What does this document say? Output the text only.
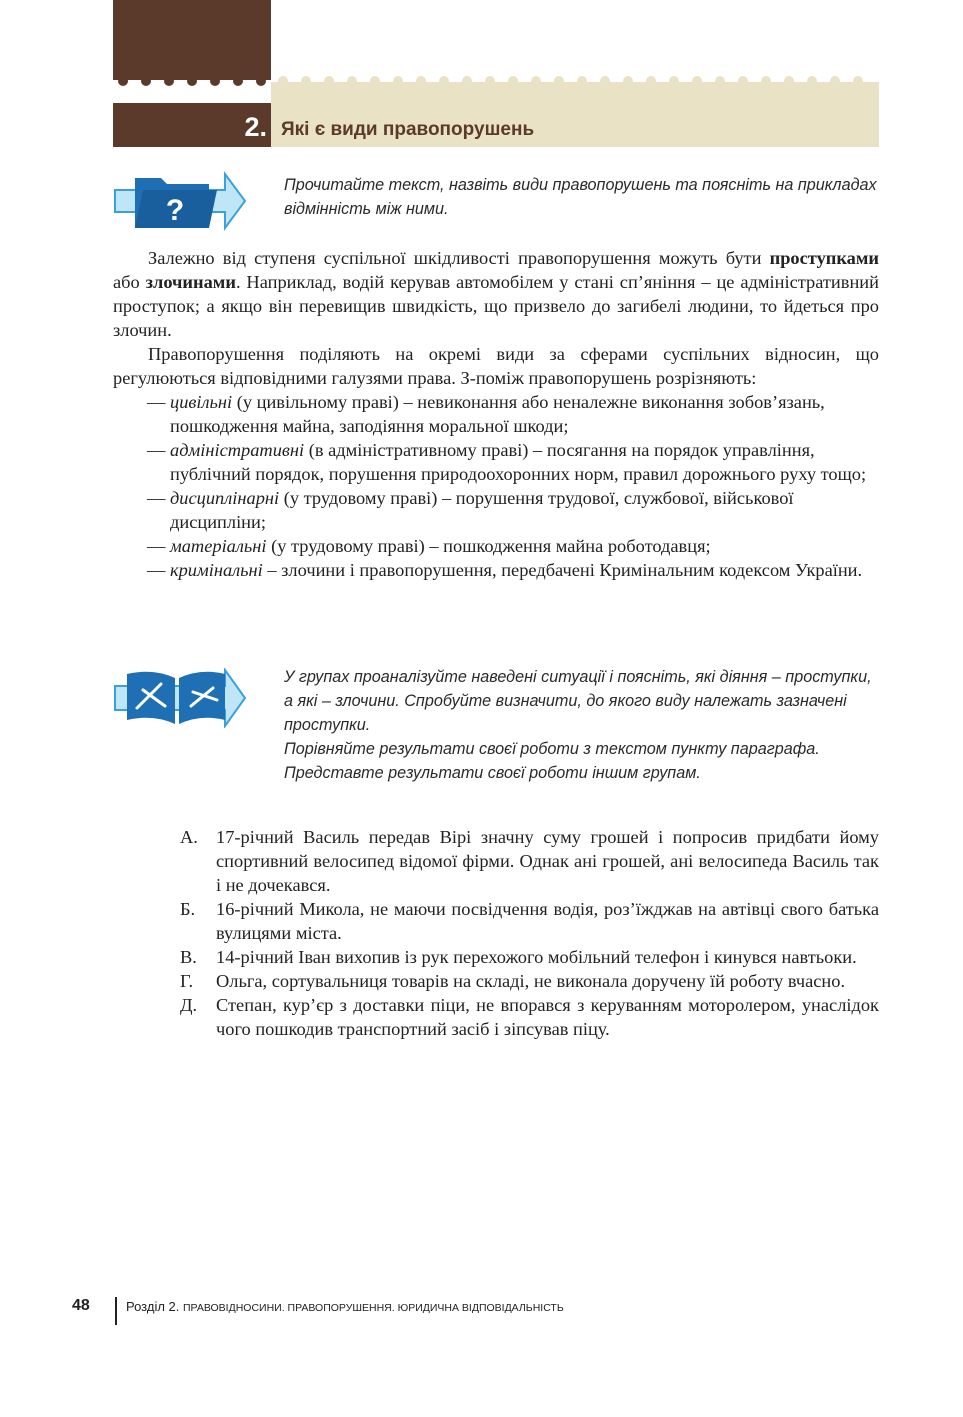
2. Які є види правопорушень
?
Прочитайте текст, назвіть види правопорушень та поясніть на прикладах відмінність між ними.

Залежно від ступеня суспільної шкідливості правопорушення можуть бути проступками або злочинами. Наприклад, водій керував автомобілем у стані сп’яніння – це адміністративний проступок; а якщо він перевищив швидкість, що призвело до загибелі людини, то йдеться про злочин.

Правопорушення поділяють на окремі види за сферами суспільних відносин, що регулюються відповідними галузями права. З-поміж правопорушень розрізняють:

— цивільні (у цивільному праві) – невиконання або неналежне виконання зобов’язань, пошкодження майна, заподіяння моральної шкоди;
— адміністративні (в адміністративному праві) – посягання на порядок управління, публічний порядок, порушення природоохоронних норм, правил дорожнього руху тощо;
— дисциплінарні (у трудовому праві) – порушення трудової, службової, військової дисципліни;
— матеріальні (у трудовому праві) – пошкодження майна роботодавця;
— кримінальні – злочини і правопорушення, передбачені Кримінальним кодексом України.
У групах проаналізуйте наведені ситуації і поясніть, які діяння – проступки, а які – злочини. Спробуйте визначити, до якого виду належать зазначені проступки.
Порівняйте результати своєї роботи з текстом пункту параграфа.
Представте результати своєї роботи іншим групам.
А. 17-річний Василь передав Вірі значну суму грошей і попросив придбати йому спортивний велосипед відомої фірми. Однак ані грошей, ані велосипеда Василь так і не дочекався.
Б. 16-річний Микола, не маючи посвідчення водія, роз’їжджав на автівці свого батька вулицями міста.
В. 14-річний Іван вихопив із рук перехожого мобільний телефон і кинувся навтьоки.
Г. Ольга, сортувальниця товарів на складі, не виконала доручену їй роботу вчасно.
Д. Степан, кур’єр з доставки піци, не впорався з керуванням моторолером, унаслідок чого пошкодив транспортний засіб і зіпсував піцу.
48	Розділ 2. ПРАВОВІДНОСИНИ. ПРАВОПОРУШЕННЯ. ЮРИДИЧНА ВІДПОВІДАЛЬНІСТЬ
